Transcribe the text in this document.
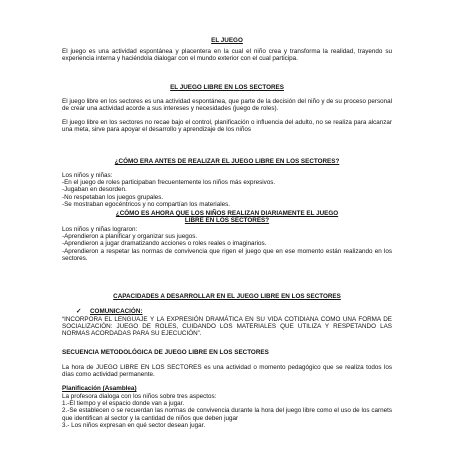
EL JUEGO

El juego es una actividad espontánea y placentera en la cual el niño crea y transforma la realidad, trayendo su experiencia interna y haciéndola dialogar con el mundo exterior con el cual participa.

EL JUEGO LIBRE EN LOS SECTORES

El juego libre en los sectores es una actividad espontánea, que parte de la decisión del niño y de su proceso personal de crear una actividad acorde a sus intereses y necesidades (juego de roles).

El juego libre en los sectores no recae bajo el control, planificación o influencia del adulto, no se realiza para alcanzar una meta, sirve para apoyar el desarrollo y aprendizaje de los niños

¿CÓMO ERA ANTES DE REALIZAR EL JUEGO LIBRE EN LOS SECTORES?
Los niños y niñas:
-En el juego de roles participaban frecuentemente los niños más expresivos.
-Jugaban en desorden.
-No respetaban los juegos grupales.
-Se mostraban egocéntricos y no compartían los materiales.
¿CÓMO ES AHORA QUE LOS NIÑOS REALIZAN DIARIAMENTE EL JUEGO
LIBRE EN LOS SECTORES?
Los niños y niñas lograron:
-Aprendieron a planificar y organizar sus juegos.
-Aprendieron a jugar dramatizando acciones o roles reales o imaginarios.
-Aprendieron a respetar las normas de convivencia que rigen el juego que en ese momento están realizando en los sectores.
CAPACIDADES A DESARROLLAR EN EL JUEGO LIBRE EN LOS SECTORES
✓ COMUNICACIÓN:

“INCORPORA EL LENGUAJE Y LA EXPRESIÓN DRAMÁTICA EN SU VIDA COTIDIANA COMO UNA FORMA DE SOCIALIZACIÓN: JUEGO DE ROLES, CUIDANDO LOS MATERIALES QUE UTILIZA Y RESPETANDO LAS NORMAS ACORDADAS PARA SU EJECUCIÓN”.

SECUENCIA METODOLÓGICA DE JUEGO LIBRE EN LOS SECTORES

La hora de JUEGO LIBRE EN LOS SECTORES es una actividad o momento pedagógico que se realiza todos los días como actividad permanente.

Planificación (Asamblea)
La profesora dialoga con los niños sobre tres aspectos:
1.-El tiempo y el espacio donde van a jugar.
2.-Se establecen o se recuerdan las normas de convivencia durante la hora del juego libre como el uso de los carnets que identifican al sector y la cantidad de niños que deben jugar
3.- Los niños expresan en qué sector desean jugar.
